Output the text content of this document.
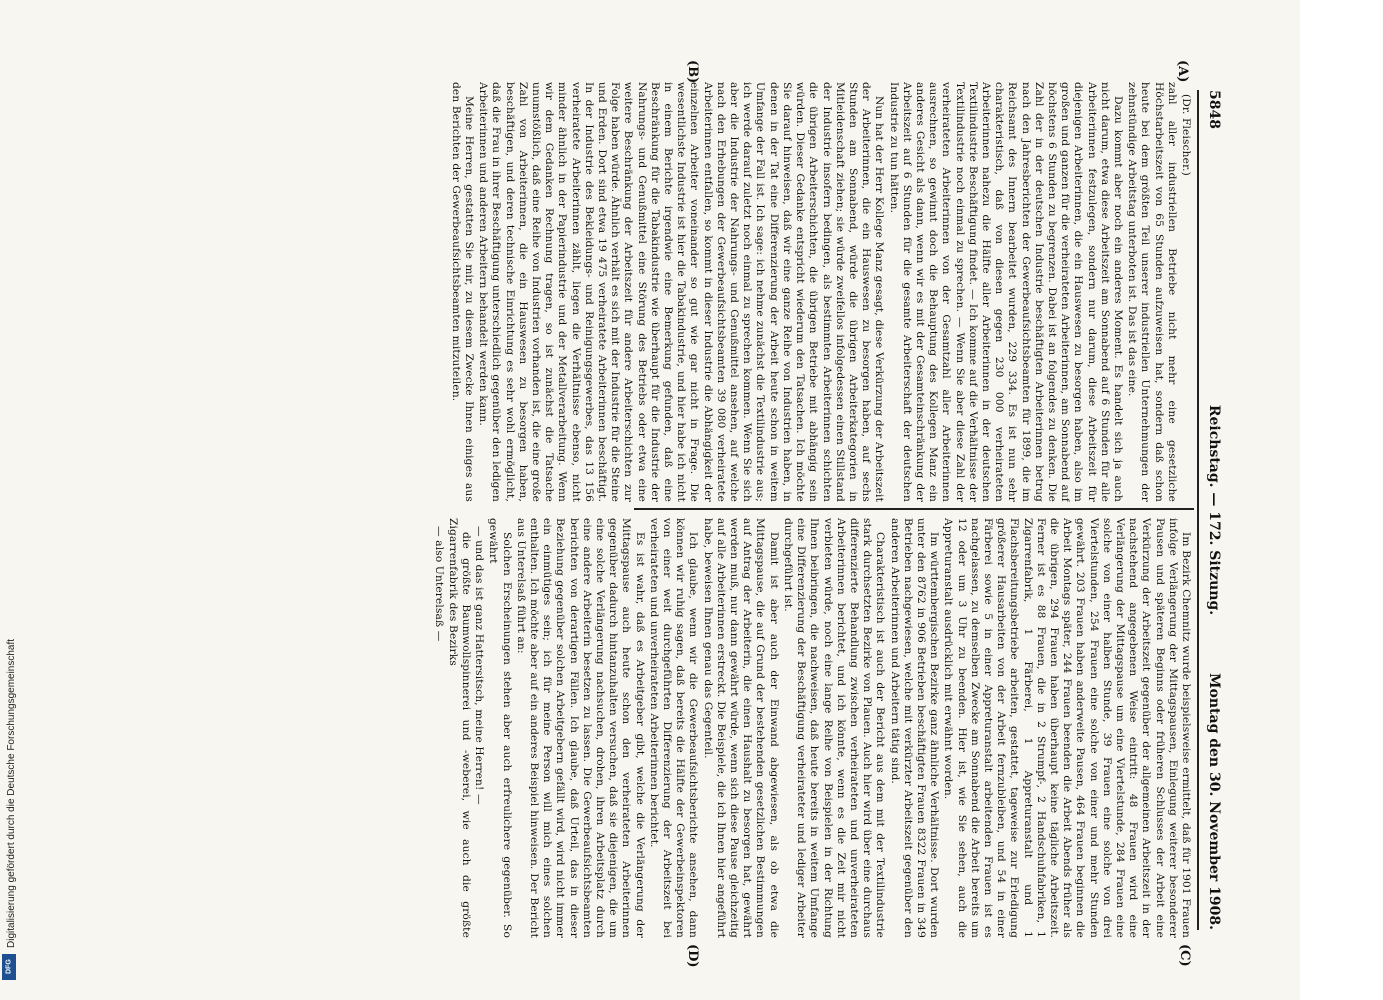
5848
Reichstag. — 172. Sitzung.
Montag den 30. November 1908.
(A)
(B)
(C)
(D)
(Dr. Fleischer.)

zahl aller industriellen Betriebe nicht mehr eine gesetzliche Höchstarbeitszeit von 65 Stunden aufzuweisen hat, sondern daß schon heute bei dem größten Teil unserer industriellen Unternehmungen der zehnstündige Arbeitstag unterboten ist. Das ist das eine.

Dazu kommt aber noch ein anderes Moment. Es handelt sich ja auch nicht darum, etwa diese Arbeitszeit am Sonnabend auf 6 Stunden für alle Arbeiterinnen festzulegen, sondern nur darum, diese Arbeitszeit für diejenigen Arbeiterinnen, die ein Hauswesen zu besorgen haben, also im großen und ganzen für die verheirateten Arbeiterinnen, am Sonnabend auf höchstens 6 Stunden zu begrenzen. Dabei ist an folgendes zu denken. Die Zahl der in der deutschen Industrie beschäftigten Arbeiterinnen betrug nach den Jahresberichten der Gewerbeaufsichtsbeamten für 1899, die im Reichsamt des Innern bearbeitet wurden, 229 334. Es ist nun sehr charakteristisch, daß von diesen gegen 230 000 verheirateten Arbeiterinnen nahezu die Hälfte aller Arbeiterinnen in der deutschen Textilindustrie Beschäftigung findet. — Ich komme auf die Verhältnisse der Textilindustrie noch einmal zu sprechen. — Wenn Sie aber diese Zahl der verheirateten Arbeiterinnen von der Gesamtzahl aller Arbeiterinnen ausrechnen, so gewinnt doch die Behauptung des Kollegen Manz ein anderes Gesicht als dann, wenn wir es mit der Gesamteinschränkung der Arbeitszeit auf 6 Stunden für die gesamte Arbeiterschaft der deutschen Industrie zu tun hätten.

Nun hat der Herr Kollege Manz gesagt, diese Verkürzung der Arbeitszeit der Arbeiterinnen, die ein Hauswesen zu besorgen haben, auf sechs Stunden am Sonnabend, würde die übrigen Arbeiterkategorien in Mitleidenschaft ziehen; sie würde zweifellos infolgedessen einen Stillstand der Industrie insofern bedingen, als bestimmten Arbeiterinnen schichten die übrigen Arbeiterschichten, die übrigen Betriebe mit abhängig sein würden. Dieser Gedanke entspricht wiederum den Tatsachen. Ich möchte Sie darauf hinweisen, daß wir eine ganze Reihe von Industrien haben, in denen in der Tat eine Differenzierung der Arbeit heute schon in weitem Umfange der Fall ist. Ich sage: ich nehme zunächst die Textilindustrie aus; ich werde darauf zuletzt noch einmal zu sprechen kommen. Wenn Sie sich aber die Industrie der Nahrungs- und Genußmittel ansehen, auf welche nach den Erhebungen der Gewerbeaufsichtsbeamten 39 080 verheiratete Arbeiterinnen entfallen, so kommt in dieser Industrie die Abhängigkeit der einzelnen Arbeiter voneinander so gut wie gar nicht in Frage. Die wesentlichste Industrie ist hier die Tabakindustrie, und hier habe ich nicht in einem Berichte irgendwie eine Bemerkung gefunden, daß eine Beschränkung für die Tabakindustrie wie überhaupt für die Industrie der Nahrungs- und Genußmittel eine Störung des Betriebs oder etwa eine weitere Beschränkung der Arbeitszeit für andere Arbeiterschichten zur Folge haben würde. Ähnlich verhält es sich mit der Industrie für die Steine und Erden. Dort sind etwa 19 475 verheiratete Arbeiterinnen beschäftigt. In der Industrie des Bekleidungs- und Reinigungsgewerbes, das 13 156 verheiratete Arbeiterinnen zählt, liegen die Verhältnisse ebenso, nicht minder ähnlich in der Papierindustrie und der Metallverarbeitung. Wenn wir dem Gedanken Rechnung tragen, so ist zunächst die Tatsache unumstößlich, daß eine Reihe von Industrien vorhanden ist, die eine große Zahl von Arbeiterinnen, die ein Hauswesen zu besorgen haben, beschäftigen, und deren technische Einrichtung es sehr wohl ermöglicht, daß die Frau in ihrer Beschäftigung unterschiedlich gegenüber den ledigen Arbeiterinnen und anderen Arbeitern behandelt werden kann.

Meine Herren, gestatten Sie mir, zu diesem Zwecke Ihnen einiges aus den Berichten der Gewerbeaufsichtsbeamten mitzuteilen.

Im Bezirk Chemnitz wurde beispielsweise ermittelt, daß für 1901 Frauen infolge Verlängerung der Mittagspausen, Einlegung weiterer besonderer Pausen und späteren Beginns oder früheren Schlusses der Arbeit eine Verkürzung der Arbeitszeit gegenüber der allgemeinen Arbeitszeit in der nachstehend angegebenen Weise eintritt: 48 Frauen wird eine Verlängerung der Mittagspause um eine Viertelstunde, 284 Frauen eine solche von einer halben Stunde, 39 Frauen eine solche von drei Viertelstunden, 254 Frauen eine solche von einer und mehr Stunden gewährt. 203 Frauen haben anderweite Pausen, 464 Frauen beginnen die Arbeit Montags später, 244 Frauen beenden die Arbeit Abends früher als die übrigen, 294 Frauen haben überhaupt keine tägliche Arbeitszeit. Ferner ist es 88 Frauen, die in 2 Strumpf-, 2 Handschuhfabriken, 1 Zigarrenfabrik, 1 Färberei, 1 Appreturanstalt und 1 Flachsbereitungsbetriebe arbeiten, gestattet, tageweise zur Erledigung größerer Hausarbeiten von der Arbeit fernzubleiben, und 54 in einer Färberei sowie 5 in einer Appreturanstalt arbeitenden Frauen ist es nachgelassen, zu demselben Zwecke am Sonnabend die Arbeit bereits um 12 oder um 3 Uhr zu beenden. Hier ist, wie Sie sehen, auch die Appreturanstalt ausdrücklich mit erwähnt worden.

Im württembergischen Bezirke ganz ähnliche Verhältnisse. Dort wurden unter den 8762 in 906 Betrieben beschäftigten Frauen 8322 Frauen in 349 Betrieben nachgewiesen, welche mit verkürzter Arbeitszeit gegenüber den anderen Arbeiterinnen und Arbeitern tätig sind.

Charakteristisch ist auch der Bericht aus dem mit der Textilindustrie stark durchsetzten Bezirke von Plauen. Auch hier wird über eine durchaus differenzierte Behandlung zwischen verheirateten und unverheirateten Arbeiterinnen berichtet, und ich könnte, wenn es die Zeit mir nicht verbieten würde, noch eine lange Reihe von Beispielen in der Richtung Ihnen beibringen, die nachweisen, daß heute bereits in weitem Umfange eine Differenzierung der Beschäftigung verheirateter und lediger Arbeiter durchgeführt ist.

Damit ist aber auch der Einwand abgewiesen, als ob etwa die Mittagspause, die auf Grund der bestehenden gesetzlichen Bestimmungen auf Antrag der Arbeiterin, die einen Haushalt zu besorgen hat, gewährt werden muß, nur dann gewährt würde, wenn sich diese Pause gleichzeitig auf alle Arbeiterinnen erstreckt. Die Beispiele, die ich Ihnen hier angeführt habe, beweisen Ihnen genau das Gegenteil.

Ich glaube, wenn wir die Gewerbeaufsichtsberichte ansehen, dann können wir ruhig sagen, daß bereits die Hälfte der Gewerbeinspektoren von einer weit durchgeführten Differenzierung der Arbeitszeit bei verheirateten und unverheirateten Arbeiterinnen berichtet.

Es ist wahr, daß es Arbeitgeber gibt, welche die Verlängerung der Mittagspause auch heute schon den verheirateten Arbeiterinnen gegenüber dadurch hintanzuhalten versuchen, daß sie diejenigen, die um eine solche Verlängerung nachsuchen, drohen, ihren Arbeitsplatz durch eine andere Arbeiterin besetzen zu lassen. Die Gewerbeaufsichtsbeamten berichten von derartigen Fällen. Ich glaube, daß Urteil, das in dieser Beziehung gegenüber solchen Arbeitgebern gefällt wird, wird nicht immer ein einmütiges sein; ich für meine Person will mich eines solchen enthalten. Ich möchte aber auf ein anderes Beispiel hinweisen. Der Bericht aus Unterelsaß führt an:

Solchen Erscheinungen stehen aber auch erfreulichere gegenüber. So gewährt

— und das ist ganz Hattersitsch, meine Herren! —

die größte Baumwollspinnerei und -weberei, wie auch die größte Zigarrenfabrik des Bezirks

— also Unterelsaß —
Digitalisierung gefördert durch die Deutsche Forschungsgemeinschaft
DFG
